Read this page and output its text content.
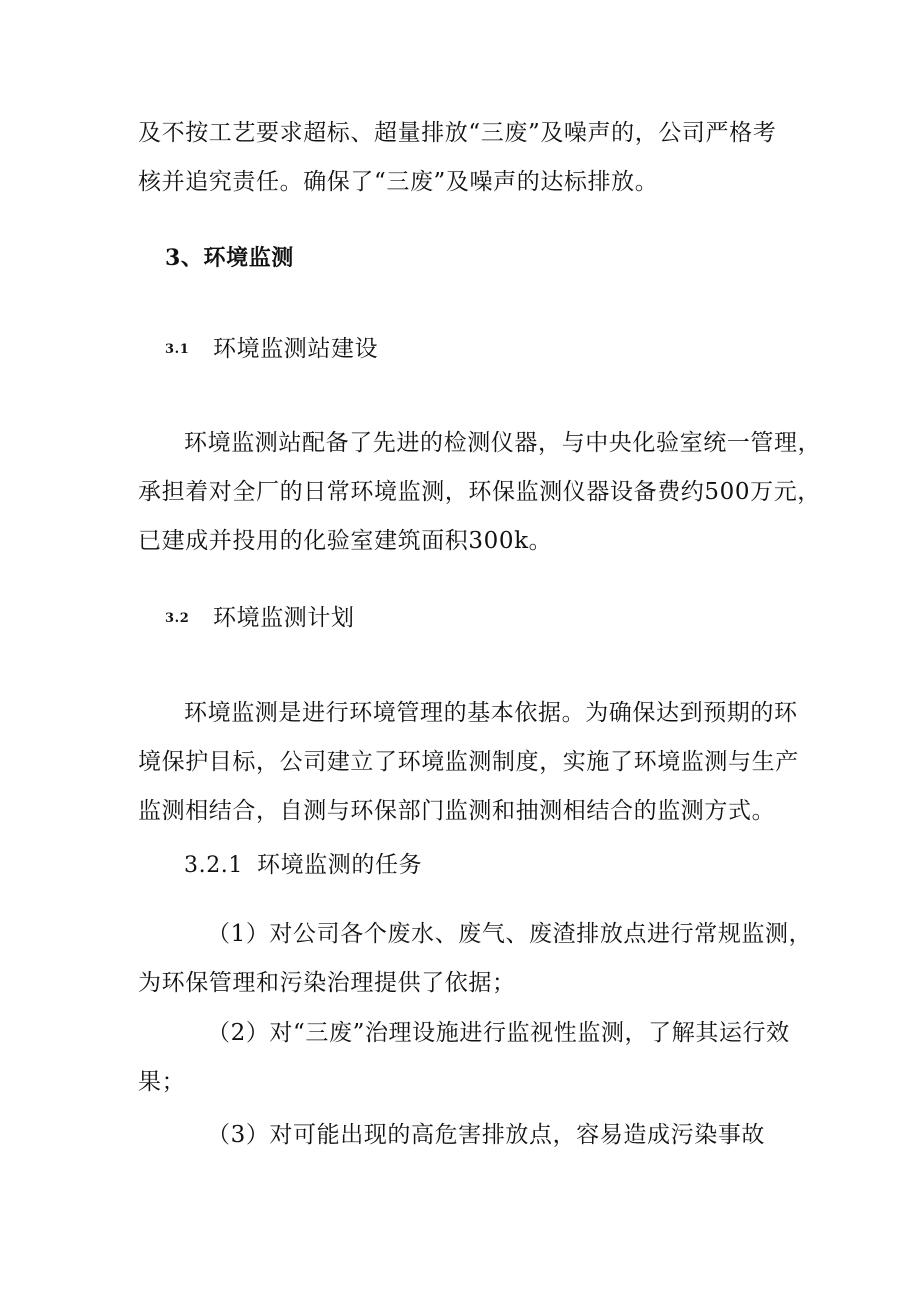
及不按工艺要求超标、超量排放“三废”及噪声的，公司严格考
核并追究责任。确保了“三废”及噪声的达标排放。
3、环境监测
3.1 环境监测站建设
环境监测站配备了先进的检测仪器，与中央化验室统一管理，
承担着对全厂的日常环境监测，环保监测仪器设备费约500万元，
已建成并投用的化验室建筑面积300k。
3.2 环境监测计划
环境监测是进行环境管理的基本依据。为确保达到预期的环
境保护目标，公司建立了环境监测制度，实施了环境监测与生产
监测相结合，自测与环保部门监测和抽测相结合的监测方式。
3.2.1 环境监测的任务
（1）对公司各个废水、废气、废渣排放点进行常规监测，
为环保管理和污染治理提供了依据；
（2）对“三废”治理设施进行监视性监测，了解其运行效
果；
（3）对可能出现的高危害排放点，容易造成污染事故
